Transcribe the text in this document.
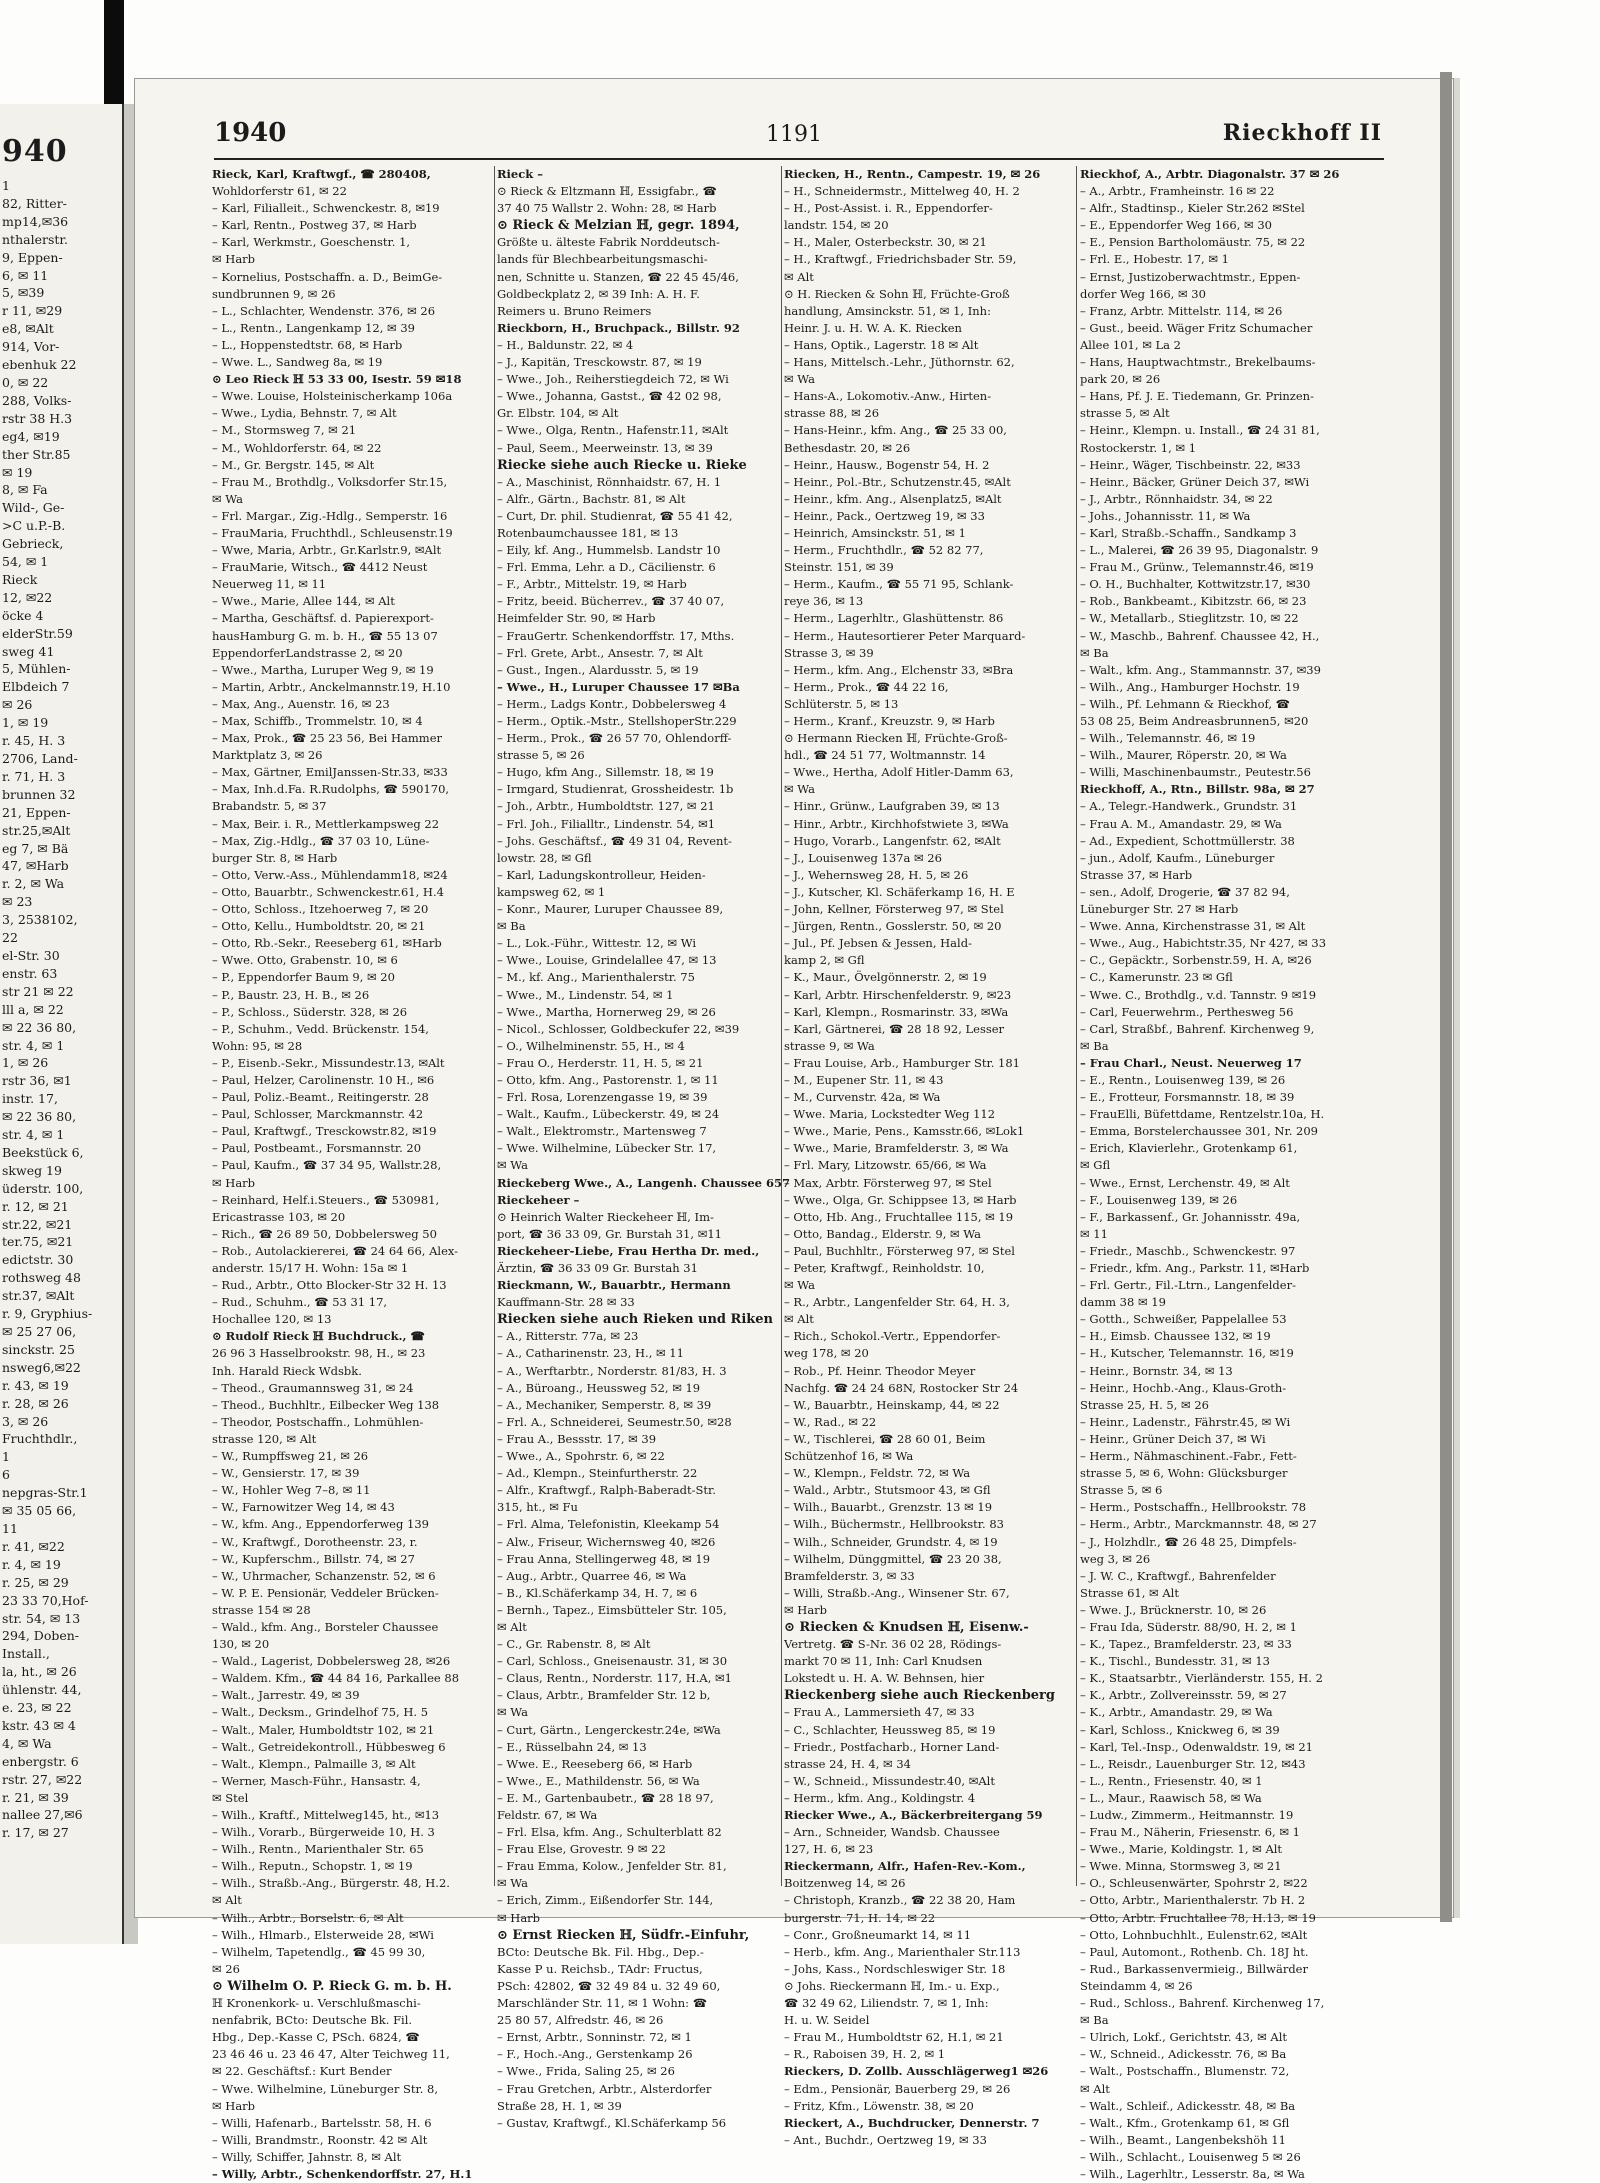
940
1
82, Ritter-
mp14,✉36
nthalerstr.
9, Eppen-
6, ✉ 11
5, ✉39
r 11, ✉29
e8, ✉Alt
914, Vor-
ebenhuk 22
0, ✉ 22
288, Volks-
rstr 38 H.3
eg4, ✉19
ther Str.85
✉ 19
8, ✉ Fa
Wild-, Ge-
>C u.P.-B.
Gebrieck,
54, ✉ 1
Rieck
12, ✉22
öcke 4
elderStr.59
sweg 41
5, Mühlen-
Elbdeich 7
✉ 26
1, ✉ 19
r. 45, H. 3
2706, Land-
r. 71, H. 3
brunnen 32
21, Eppen-
str.25,✉Alt
eg 7, ✉ Bä
47, ✉Harb
r. 2, ✉ Wa
✉ 23
3, 2538102,
22
el-Str. 30
enstr. 63
str 21 ✉ 22
lll a, ✉ 22
✉ 22 36 80,
str. 4, ✉ 1
1, ✉ 26
rstr 36, ✉1
instr. 17,
✉ 22 36 80,
str. 4, ✉ 1
Beekstück 6,
skweg 19
üderstr. 100,
r. 12, ✉ 21
str.22, ✉21
ter.75, ✉21
edictstr. 30
rothsweg 48
str.37, ✉Alt
r. 9, Gryphius-
✉ 25 27 06,
sinckstr. 25
nsweg6,✉22
r. 43, ✉ 19
r. 28, ✉ 26
3, ✉ 26
Fruchthdlr.,
1
6
nepgras-Str.1
✉ 35 05 66,
11
r. 41, ✉22
r. 4, ✉ 19
r. 25, ✉ 29
23 33 70,Hof-
str. 54, ✉ 13
294, Doben-
Install.,
la, ht., ✉ 26
ühlenstr. 44,
e. 23, ✉ 22
kstr. 43 ✉ 4
4, ✉ Wa
enbergstr. 6
rstr. 27, ✉22
r. 21, ✉ 39
nallee 27,✉6
r. 17, ✉ 27
1940	1191	Rieckhoff II
Rieck, Karl, Kraftwgf., ☎ 280408,
Wohldorferstr 61, ✉ 22
– Karl, Filialleit., Schwenckestr. 8, ✉19
– Karl, Rentn., Postweg 37, ✉ Harb
– Karl, Werkmstr., Goeschenstr. 1,
✉ Harb
– Kornelius, Postschaffn. a. D., BeimGe-
sundbrunnen 9, ✉ 26
– L., Schlachter, Wendenstr. 376, ✉ 26
– L., Rentn., Langenkamp 12, ✉ 39
– L., Hoppenstedtstr. 68, ✉ Harb
– Wwe. L., Sandweg 8a, ✉ 19
⊙ Leo Rieck ℍ 53 33 00, Isestr. 59 ✉18
– Wwe. Louise, Holsteinischerkamp 106a
– Wwe., Lydia, Behnstr. 7, ✉ Alt
– M., Stormsweg 7, ✉ 21
– M., Wohldorferstr. 64, ✉ 22
– M., Gr. Bergstr. 145, ✉ Alt
– Frau M., Brothdlg., Volksdorfer Str.15,
✉ Wa
– Frl. Margar., Zig.-Hdlg., Semperstr. 16
– FrauMaria, Fruchthdl., Schleusenstr.19
– Wwe, Maria, Arbtr., Gr.Karlstr.9, ✉Alt
– FrauMarie, Witsch., ☎ 4412 Neust
Neuerweg 11, ✉ 11
– Wwe., Marie, Allee 144, ✉ Alt
– Martha, Geschäftsf. d. Papierexport-
hausHamburg G. m. b. H., ☎ 55 13 07
EppendorferLandstrasse 2, ✉ 20
– Wwe., Martha, Luruper Weg 9, ✉ 19
– Martin, Arbtr., Anckelmannstr.19, H.10
– Max, Ang., Auenstr. 16, ✉ 23
– Max, Schiffb., Trommelstr. 10, ✉ 4
– Max, Prok., ☎ 25 23 56, Bei Hammer
Marktplatz 3, ✉ 26
– Max, Gärtner, EmilJanssen-Str.33, ✉33
– Max, Inh.d.Fa. R.Rudolphs, ☎ 590170,
Brabandstr. 5, ✉ 37
– Max, Beir. i. R., Mettlerkampsweg 22
– Max, Zig.-Hdlg., ☎ 37 03 10, Lüne-
burger Str. 8, ✉ Harb
– Otto, Verw.-Ass., Mühlendamm18, ✉24
– Otto, Bauarbtr., Schwenckestr.61, H.4
– Otto, Schloss., Itzehoerweg 7, ✉ 20
– Otto, Kellu., Humboldtstr. 20, ✉ 21
– Otto, Rb.-Sekr., Reeseberg 61, ✉Harb
– Wwe. Otto, Grabenstr. 10, ✉ 6
– P., Eppendorfer Baum 9, ✉ 20
– P., Baustr. 23, H. B., ✉ 26
– P., Schloss., Süderstr. 328, ✉ 26
– P., Schuhm., Vedd. Brückenstr. 154,
Wohn: 95, ✉ 28
– P., Eisenb.-Sekr., Missundestr.13, ✉Alt
– Paul, Helzer, Carolinenstr. 10 H., ✉6
– Paul, Poliz.-Beamt., Reitingerstr. 28
– Paul, Schlosser, Marckmannstr. 42
– Paul, Kraftwgf., Tresckowstr.82, ✉19
– Paul, Postbeamt., Forsmannstr. 20
– Paul, Kaufm., ☎ 37 34 95, Wallstr.28,
✉ Harb
– Reinhard, Helf.i.Steuers., ☎ 530981,
Ericastrasse 103, ✉ 20
– Rich., ☎ 26 89 50, Dobbelersweg 50
– Rob., Autolackiererei, ☎ 24 64 66, Alex-
anderstr. 15/17 H. Wohn: 15a ✉ 1
– Rud., Arbtr., Otto Blocker-Str 32 H. 13
– Rud., Schuhm., ☎ 53 31 17,
Hochallee 120, ✉ 13
⊙ Rudolf Rieck ℍ Buchdruck., ☎
26 96 3 Hasselbrookstr. 98, H., ✉ 23
Inh. Harald Rieck Wdsbk.
– Theod., Graumannsweg 31, ✉ 24
– Theod., Buchhltr., Eilbecker Weg 138
– Theodor, Postschaffn., Lohmühlen-
strasse 120, ✉ Alt
– W., Rumpffsweg 21, ✉ 26
– W., Gensierstr. 17, ✉ 39
– W., Hohler Weg 7–8, ✉ 11
– W., Farnowitzer Weg 14, ✉ 43
– W., kfm. Ang., Eppendorferweg 139
– W., Kraftwgf., Dorotheenstr. 23, r.
– W., Kupferschm., Billstr. 74, ✉ 27
– W., Uhrmacher, Schanzenstr. 52, ✉ 6
– W. P. E. Pensionär, Veddeler Brücken-
strasse 154 ✉ 28
– Wald., kfm. Ang., Borsteler Chaussee
130, ✉ 20
– Wald., Lagerist, Dobbelersweg 28, ✉26
– Waldem. Kfm., ☎ 44 84 16, Parkallee 88
– Walt., Jarrestr. 49, ✉ 39
– Walt., Decksm., Grindelhof 75, H. 5
– Walt., Maler, Humboldtstr 102, ✉ 21
– Walt., Getreidekontroll., Hübbesweg 6
– Walt., Klempn., Palmaille 3, ✉ Alt
– Werner, Masch-Führ., Hansastr. 4,
✉ Stel
– Wilh., Kraftf., Mittelweg145, ht., ✉13
– Wilh., Vorarb., Bürgerweide 10, H. 3
– Wilh., Rentn., Marienthaler Str. 65
– Wilh., Reputn., Schopstr. 1, ✉ 19
– Wilh., Straßb.-Ang., Bürgerstr. 48, H.2.
✉ Alt
– Wilh., Arbtr., Borselstr. 6, ✉ Alt
– Wilh., Hlmarb., Elsterweide 28, ✉Wi
– Wilhelm, Tapetendlg., ☎ 45 99 30,
✉ 26
⊙ Wilhelm O. P. Rieck G. m. b. H.
ℍ Kronenkork- u. Verschlußmaschi-
nenfabrik, BCto: Deutsche Bk. Fil.
Hbg., Dep.-Kasse C, PSch. 6824, ☎
23 46 46 u. 23 46 47, Alter Teichweg 11,
✉ 22. Geschäftsf.: Kurt Bender
– Wwe. Wilhelmine, Lüneburger Str. 8,
✉ Harb
– Willi, Hafenarb., Bartelsstr. 58, H. 6
– Willi, Brandmstr., Roonstr. 42 ✉ Alt
– Willy, Schiffer, Jahnstr. 8, ✉ Alt
– Willy, Arbtr., Schenkendorffstr. 27, H.1
Rieck –
⊙ Rieck & Eltzmann ℍ, Essigfabr., ☎
37 40 75 Wallstr 2. Wohn: 28, ✉ Harb
⊙ Rieck & Melzian ℍ, gegr. 1894,
Größte u. älteste Fabrik Norddeutsch-
lands für Blechbearbeitungsmaschi-
nen, Schnitte u. Stanzen, ☎ 22 45 45/46,
Goldbeckplatz 2, ✉ 39 Inh: A. H. F.
Reimers u. Bruno Reimers
Rieckborn, H., Bruchpack., Billstr. 92
– H., Baldunstr. 22, ✉ 4
– J., Kapitän, Tresckowstr. 87, ✉ 19
– Wwe., Joh., Reiherstiegdeich 72, ✉ Wi
– Wwe., Johanna, Gastst., ☎ 42 02 98,
Gr. Elbstr. 104, ✉ Alt
– Wwe., Olga, Rentn., Hafenstr.11, ✉Alt
– Paul, Seem., Meerweinstr. 13, ✉ 39
Riecke siehe auch Riecke u. Rieke
– A., Maschinist, Rönnhaidstr. 67, H. 1
– Alfr., Gärtn., Bachstr. 81, ✉ Alt
– Curt, Dr. phil. Studienrat, ☎ 55 41 42,
Rotenbaumchaussee 181, ✉ 13
– Eily, kf. Ang., Hummelsb. Landstr 10
– Frl. Emma, Lehr. a D., Cäcilienstr. 6
– F., Arbtr., Mittelstr. 19, ✉ Harb
– Fritz, beeid. Bücherrev., ☎ 37 40 07,
Heimfelder Str. 90, ✉ Harb
– FrauGertr. Schenkendorffstr. 17, Mths.
– Frl. Grete, Arbt., Ansestr. 7, ✉ Alt
– Gust., Ingen., Alardusstr. 5, ✉ 19
– Wwe., H., Luruper Chaussee 17 ✉Ba
– Herm., Ladgs Kontr., Dobbelersweg 4
– Herm., Optik.-Mstr., StellshoperStr.229
– Herm., Prok., ☎ 26 57 70, Ohlendorff-
strasse 5, ✉ 26
– Hugo, kfm Ang., Sillemstr. 18, ✉ 19
– Irmgard, Studienrat, Grossheidestr. 1b
– Joh., Arbtr., Humboldtstr. 127, ✉ 21
– Frl. Joh., Filialltr., Lindenstr. 54, ✉1
– Johs. Geschäftsf., ☎ 49 31 04, Revent-
lowstr. 28, ✉ Gfl
– Karl, Ladungskontrolleur, Heiden-
kampsweg 62, ✉ 1
– Konr., Maurer, Luruper Chaussee 89,
✉ Ba
– L., Lok.-Führ., Wittestr. 12, ✉ Wi
– Wwe., Louise, Grindelallee 47, ✉ 13
– M., kf. Ang., Marienthalerstr. 75
– Wwe., M., Lindenstr. 54, ✉ 1
– Wwe., Martha, Hornerweg 29, ✉ 26
– Nicol., Schlosser, Goldbeckufer 22, ✉39
– O., Wilhelminenstr. 55, H., ✉ 4
– Frau O., Herderstr. 11, H. 5, ✉ 21
– Otto, kfm. Ang., Pastorenstr. 1, ✉ 11
– Frl. Rosa, Lorenzengasse 19, ✉ 39
– Walt., Kaufm., Lübeckerstr. 49, ✉ 24
– Walt., Elektromstr., Martensweg 7
– Wwe. Wilhelmine, Lübecker Str. 17,
✉ Wa
Rieckeberg Wwe., A., Langenh. Chaussee 657
Rieckeheer –
⊙ Heinrich Walter Rieckeheer ℍ, Im-
port, ☎ 36 33 09, Gr. Burstah 31, ✉11
Rieckeheer-Liebe, Frau Hertha Dr. med.,
Ärztin, ☎ 36 33 09 Gr. Burstah 31
Rieckmann, W., Bauarbtr., Hermann
Kauffmann-Str. 28 ✉ 33
Riecken siehe auch Rieken und Riken
– A., Ritterstr. 77a, ✉ 23
– A., Catharinenstr. 23, H., ✉ 11
– A., Werftarbtr., Norderstr. 81/83, H. 3
– A., Büroang., Heussweg 52, ✉ 19
– A., Mechaniker, Semperstr. 8, ✉ 39
– Frl. A., Schneiderei, Seumestr.50, ✉28
– Frau A., Bessstr. 17, ✉ 39
– Wwe., A., Spohrstr. 6, ✉ 22
– Ad., Klempn., Steinfurtherstr. 22
– Alfr., Kraftwgf., Ralph-Baberadt-Str.
315, ht., ✉ Fu
– Frl. Alma, Telefonistin, Kleekamp 54
– Alw., Friseur, Wichernsweg 40, ✉26
– Frau Anna, Stellingerweg 48, ✉ 19
– Aug., Arbtr., Quarree 46, ✉ Wa
– B., Kl.Schäferkamp 34, H. 7, ✉ 6
– Bernh., Tapez., Eimsbütteler Str. 105,
✉ Alt
– C., Gr. Rabenstr. 8, ✉ Alt
– Carl, Schloss., Gneisenaustr. 31, ✉ 30
– Claus, Rentn., Norderstr. 117, H.A, ✉1
– Claus, Arbtr., Bramfelder Str. 12 b,
✉ Wa
– Curt, Gärtn., Lengerckestr.24e, ✉Wa
– E., Rüsselbahn 24, ✉ 13
– Wwe. E., Reeseberg 66, ✉ Harb
– Wwe., E., Mathildenstr. 56, ✉ Wa
– E. M., Gartenbaubetr., ☎ 28 18 97,
Feldstr. 67, ✉ Wa
– Frl. Elsa, kfm. Ang., Schulterblatt 82
– Frau Else, Grovestr. 9 ✉ 22
– Frau Emma, Kolow., Jenfelder Str. 81,
✉ Wa
– Erich, Zimm., Eißendorfer Str. 144,
✉ Harb
⊙ Ernst Riecken ℍ, Südfr.-Einfuhr,
BCto: Deutsche Bk. Fil. Hbg., Dep.-
Kasse P u. Reichsb., TAdr: Fructus,
PSch: 42802, ☎ 32 49 84 u. 32 49 60,
Marschländer Str. 11, ✉ 1 Wohn: ☎
25 80 57, Alfredstr. 46, ✉ 26
– Ernst, Arbtr., Sonninstr. 72, ✉ 1
– F., Hoch.-Ang., Gerstenkamp 26
– Wwe., Frida, Saling 25, ✉ 26
– Frau Gretchen, Arbtr., Alsterdorfer
Straße 28, H. 1, ✉ 39
– Gustav, Kraftwgf., Kl.Schäferkamp 56
Riecken, H., Rentn., Campestr. 19, ✉ 26
– H., Schneidermstr., Mittelweg 40, H. 2
– H., Post-Assist. i. R., Eppendorfer-
landstr. 154, ✉ 20
– H., Maler, Osterbeckstr. 30, ✉ 21
– H., Kraftwgf., Friedrichsbader Str. 59,
✉ Alt
⊙ H. Riecken & Sohn ℍ, Früchte-Groß
handlung, Amsinckstr. 51, ✉ 1, Inh:
Heinr. J. u. H. W. A. K. Riecken
– Hans, Optik., Lagerstr. 18 ✉ Alt
– Hans, Mittelsch.-Lehr., Jüthornstr. 62,
✉ Wa
– Hans-A., Lokomotiv.-Anw., Hirten-
strasse 88, ✉ 26
– Hans-Heinr., kfm. Ang., ☎ 25 33 00,
Bethesdastr. 20, ✉ 26
– Heinr., Hausw., Bogenstr 54, H. 2
– Heinr., Pol.-Btr., Schutzenstr.45, ✉Alt
– Heinr., kfm. Ang., Alsenplatz5, ✉Alt
– Heinr., Pack., Oertzweg 19, ✉ 33
– Heinrich, Amsinckstr. 51, ✉ 1
– Herm., Fruchthdlr., ☎ 52 82 77,
Steinstr. 151, ✉ 39
– Herm., Kaufm., ☎ 55 71 95, Schlank-
reye 36, ✉ 13
– Herm., Lagerhltr., Glashüttenstr. 86
– Herm., Hautesortierer Peter Marquard-
Strasse 3, ✉ 39
– Herm., kfm. Ang., Elchenstr 33, ✉Bra
– Herm., Prok., ☎ 44 22 16,
Schlüterstr. 5, ✉ 13
– Herm., Kranf., Kreuzstr. 9, ✉ Harb
⊙ Hermann Riecken ℍ, Früchte-Groß-
hdl., ☎ 24 51 77, Woltmannstr. 14
– Wwe., Hertha, Adolf Hitler-Damm 63,
✉ Wa
– Hinr., Grünw., Laufgraben 39, ✉ 13
– Hinr., Arbtr., Kirchhofstwiete 3, ✉Wa
– Hugo, Vorarb., Langenfstr. 62, ✉Alt
– J., Louisenweg 137a ✉ 26
– J., Wehernsweg 28, H. 5, ✉ 26
– J., Kutscher, Kl. Schäferkamp 16, H. E
– John, Kellner, Försterweg 97, ✉ Stel
– Jürgen, Rentn., Gosslerstr. 50, ✉ 20
– Jul., Pf. Jebsen & Jessen, Hald-
kamp 2, ✉ Gfl
– K., Maur., Övelgönnerstr. 2, ✉ 19
– Karl, Arbtr. Hirschenfelderstr. 9, ✉23
– Karl, Klempn., Rosmarinstr. 33, ✉Wa
– Karl, Gärtnerei, ☎ 28 18 92, Lesser
strasse 9, ✉ Wa
– Frau Louise, Arb., Hamburger Str. 181
– M., Eupener Str. 11, ✉ 43
– M., Curvenstr. 42a, ✉ Wa
– Wwe. Maria, Lockstedter Weg 112
– Wwe., Marie, Pens., Kamsstr.66, ✉Lok1
– Wwe., Marie, Bramfelderstr. 3, ✉ Wa
– Frl. Mary, Litzowstr. 65/66, ✉ Wa
– Max, Arbtr. Försterweg 97, ✉ Stel
– Wwe., Olga, Gr. Schippsee 13, ✉ Harb
– Otto, Hb. Ang., Fruchtallee 115, ✉ 19
– Otto, Bandag., Elderstr. 9, ✉ Wa
– Paul, Buchhltr., Försterweg 97, ✉ Stel
– Peter, Kraftwgf., Reinholdstr. 10,
✉ Wa
– R., Arbtr., Langenfelder Str. 64, H. 3,
✉ Alt
– Rich., Schokol.-Vertr., Eppendorfer-
weg 178, ✉ 20
– Rob., Pf. Heinr. Theodor Meyer
Nachfg. ☎ 24 24 68N, Rostocker Str 24
– W., Bauarbtr., Heinskamp, 44, ✉ 22
– W., Rad., ✉ 22
– W., Tischlerei, ☎ 28 60 01, Beim
Schützenhof 16, ✉ Wa
– W., Klempn., Feldstr. 72, ✉ Wa
– Wald., Arbtr., Stutsmoor 43, ✉ Gfl
– Wilh., Bauarbt., Grenzstr. 13 ✉ 19
– Wilh., Büchermstr., Hellbrookstr. 83
– Wilh., Schneider, Grundstr. 4, ✉ 19
– Wilhelm, Dünggmittel, ☎ 23 20 38,
Bramfelderstr. 3, ✉ 33
– Willi, Straßb.-Ang., Winsener Str. 67,
✉ Harb
⊙ Riecken & Knudsen ℍ, Eisenw.-
Vertretg. ☎ S-Nr. 36 02 28, Rödings-
markt 70 ✉ 11, Inh: Carl Knudsen
Lokstedt u. H. A. W. Behnsen, hier
Rieckenberg siehe auch Rieckenberg
– Frau A., Lammersieth 47, ✉ 33
– C., Schlachter, Heussweg 85, ✉ 19
– Friedr., Postfacharb., Horner Land-
strasse 24, H. 4, ✉ 34
– W., Schneid., Missundestr.40, ✉Alt
– Herm., kfm. Ang., Koldingstr. 4
Riecker Wwe., A., Bäckerbreitergang 59
– Arn., Schneider, Wandsb. Chaussee
127, H. 6, ✉ 23
Rieckermann, Alfr., Hafen-Rev.-Kom.,
Boitzenweg 14, ✉ 26
– Christoph, Kranzb., ☎ 22 38 20, Ham
burgerstr. 71, H. 14, ✉ 22
– Conr., Großneumarkt 14, ✉ 11
– Herb., kfm. Ang., Marienthaler Str.113
– Johs, Kass., Nordschleswiger Str. 18
⊙ Johs. Rieckermann ℍ, Im.- u. Exp.,
☎ 32 49 62, Liliendstr. 7, ✉ 1, Inh:
H. u. W. Seidel
– Frau M., Humboldtstr 62, H.1, ✉ 21
– R., Raboisen 39, H. 2, ✉ 1
Rieckers, D. Zollb. Ausschlägerweg1 ✉26
– Edm., Pensionär, Bauerberg 29, ✉ 26
– Fritz, Kfm., Löwenstr. 38, ✉ 20
Rieckert, A., Buchdrucker, Dennerstr. 7
– Ant., Buchdr., Oertzweg 19, ✉ 33
Rieckhof, A., Arbtr. Diagonalstr. 37 ✉ 26
– A., Arbtr., Framheinstr. 16 ✉ 22
– Alfr., Stadtinsp., Kieler Str.262 ✉Stel
– E., Eppendorfer Weg 166, ✉ 30
– E., Pension Bartholomäustr. 75, ✉ 22
– Frl. E., Hobestr. 17, ✉ 1
– Ernst, Justizoberwachtmstr., Eppen-
dorfer Weg 166, ✉ 30
– Franz, Arbtr. Mittelstr. 114, ✉ 26
– Gust., beeid. Wäger Fritz Schumacher
Allee 101, ✉ La 2
– Hans, Hauptwachtmstr., Brekelbaums-
park 20, ✉ 26
– Hans, Pf. J. E. Tiedemann, Gr. Prinzen-
strasse 5, ✉ Alt
– Heinr., Klempn. u. Install., ☎ 24 31 81,
Rostockerstr. 1, ✉ 1
– Heinr., Wäger, Tischbeinstr. 22, ✉33
– Heinr., Bäcker, Grüner Deich 37, ✉Wi
– J., Arbtr., Rönnhaidstr. 34, ✉ 22
– Johs., Johannisstr. 11, ✉ Wa
– Karl, Straßb.-Schaffn., Sandkamp 3
– L., Malerei, ☎ 26 39 95, Diagonalstr. 9
– Frau M., Grünw., Telemannstr.46, ✉19
– O. H., Buchhalter, Kottwitzstr.17, ✉30
– Rob., Bankbeamt., Kibitzstr. 66, ✉ 23
– W., Metallarb., Stieglitzstr. 10, ✉ 22
– W., Maschb., Bahrenf. Chaussee 42, H.,
✉ Ba
– Walt., kfm. Ang., Stammannstr. 37, ✉39
– Wilh., Ang., Hamburger Hochstr. 19
– Wilh., Pf. Lehmann & Rieckhof, ☎
53 08 25, Beim Andreasbrunnen5, ✉20
– Wilh., Telemannstr. 46, ✉ 19
– Wilh., Maurer, Röperstr. 20, ✉ Wa
– Willi, Maschinenbaumstr., Peutestr.56
Rieckhoff, A., Rtn., Billstr. 98a, ✉ 27
– A., Telegr.-Handwerk., Grundstr. 31
– Frau A. M., Amandastr. 29, ✉ Wa
– Ad., Expedient, Schottmüllerstr. 38
– jun., Adolf, Kaufm., Lüneburger
Strasse 37, ✉ Harb
– sen., Adolf, Drogerie, ☎ 37 82 94,
Lüneburger Str. 27 ✉ Harb
– Wwe. Anna, Kirchenstrasse 31, ✉ Alt
– Wwe., Aug., Habichtstr.35, Nr 427, ✉ 33
– C., Gepäcktr., Sorbenstr.59, H. A, ✉26
– C., Kamerunstr. 23 ✉ Gfl
– Wwe. C., Brothdlg., v.d. Tannstr. 9 ✉19
– Carl, Feuerwehrm., Perthesweg 56
– Carl, Straßbf., Bahrenf. Kirchenweg 9,
✉ Ba
– Frau Charl., Neust. Neuerweg 17
– E., Rentn., Louisenweg 139, ✉ 26
– E., Frotteur, Forsmannstr. 18, ✉ 39
– FrauElli, Büfettdame, Rentzelstr.10a, H.
– Emma, Borstelerchaussee 301, Nr. 209
– Erich, Klavierlehr., Grotenkamp 61,
✉ Gfl
– Wwe., Ernst, Lerchenstr. 49, ✉ Alt
– F., Louisenweg 139, ✉ 26
– F., Barkassenf., Gr. Johannisstr. 49a,
✉ 11
– Friedr., Maschb., Schwenckestr. 97
– Friedr., kfm. Ang., Parkstr. 11, ✉Harb
– Frl. Gertr., Fil.-Ltrn., Langenfelder-
damm 38 ✉ 19
– Gotth., Schweißer, Pappelallee 53
– H., Eimsb. Chaussee 132, ✉ 19
– H., Kutscher, Telemannstr. 16, ✉19
– Heinr., Bornstr. 34, ✉ 13
– Heinr., Hochb.-Ang., Klaus-Groth-
Strasse 25, H. 5, ✉ 26
– Heinr., Ladenstr., Fährstr.45, ✉ Wi
– Heinr., Grüner Deich 37, ✉ Wi
– Herm., Nähmaschinent.-Fabr., Fett-
strasse 5, ✉ 6, Wohn: Glücksburger
Strasse 5, ✉ 6
– Herm., Postschaffn., Hellbrookstr. 78
– Herm., Arbtr., Marckmannstr. 48, ✉ 27
– J., Holzhdlr., ☎ 26 48 25, Dimpfels-
weg 3, ✉ 26
– J. W. C., Kraftwgf., Bahrenfelder
Strasse 61, ✉ Alt
– Wwe. J., Brücknerstr. 10, ✉ 26
– Frau Ida, Süderstr. 88/90, H. 2, ✉ 1
– K., Tapez., Bramfelderstr. 23, ✉ 33
– K., Tischl., Bundesstr. 31, ✉ 13
– K., Staatsarbtr., Vierländerstr. 155, H. 2
– K., Arbtr., Zollvereinsstr. 59, ✉ 27
– K., Arbtr., Amandastr. 29, ✉ Wa
– Karl, Schloss., Knickweg 6, ✉ 39
– Karl, Tel.-Insp., Odenwaldstr. 19, ✉ 21
– L., Reisdr., Lauenburger Str. 12, ✉43
– L., Rentn., Friesenstr. 40, ✉ 1
– L., Maur., Raawisch 58, ✉ Wa
– Ludw., Zimmerm., Heitmannstr. 19
– Frau M., Näherin, Friesenstr. 6, ✉ 1
– Wwe., Marie, Koldingstr. 1, ✉ Alt
– Wwe. Minna, Stormsweg 3, ✉ 21
– O., Schleusenwärter, Spohrstr 2, ✉22
– Otto, Arbtr., Marienthalerstr. 7b H. 2
– Otto, Arbtr. Fruchtallee 78, H.13, ✉ 19
– Otto, Lohnbuchhlt., Eulenstr.62, ✉Alt
– Paul, Automont., Rothenb. Ch. 18J ht.
– Rud., Barkassenvermieig., Billwärder
Steindamm 4, ✉ 26
– Rud., Schloss., Bahrenf. Kirchenweg 17,
✉ Ba
– Ulrich, Lokf., Gerichtstr. 43, ✉ Alt
– W., Schneid., Adickesstr. 76, ✉ Ba
– Walt., Postschaffn., Blumenstr. 72,
✉ Alt
– Walt., Schleif., Adickesstr. 48, ✉ Ba
– Walt., Kfm., Grotenkamp 61, ✉ Gfl
– Wilh., Beamt., Langenbekshöh 11
– Wilh., Schlacht., Louisenweg 5 ✉ 26
– Wilh., Lagerhltr., Lesserstr. 8a, ✉ Wa
